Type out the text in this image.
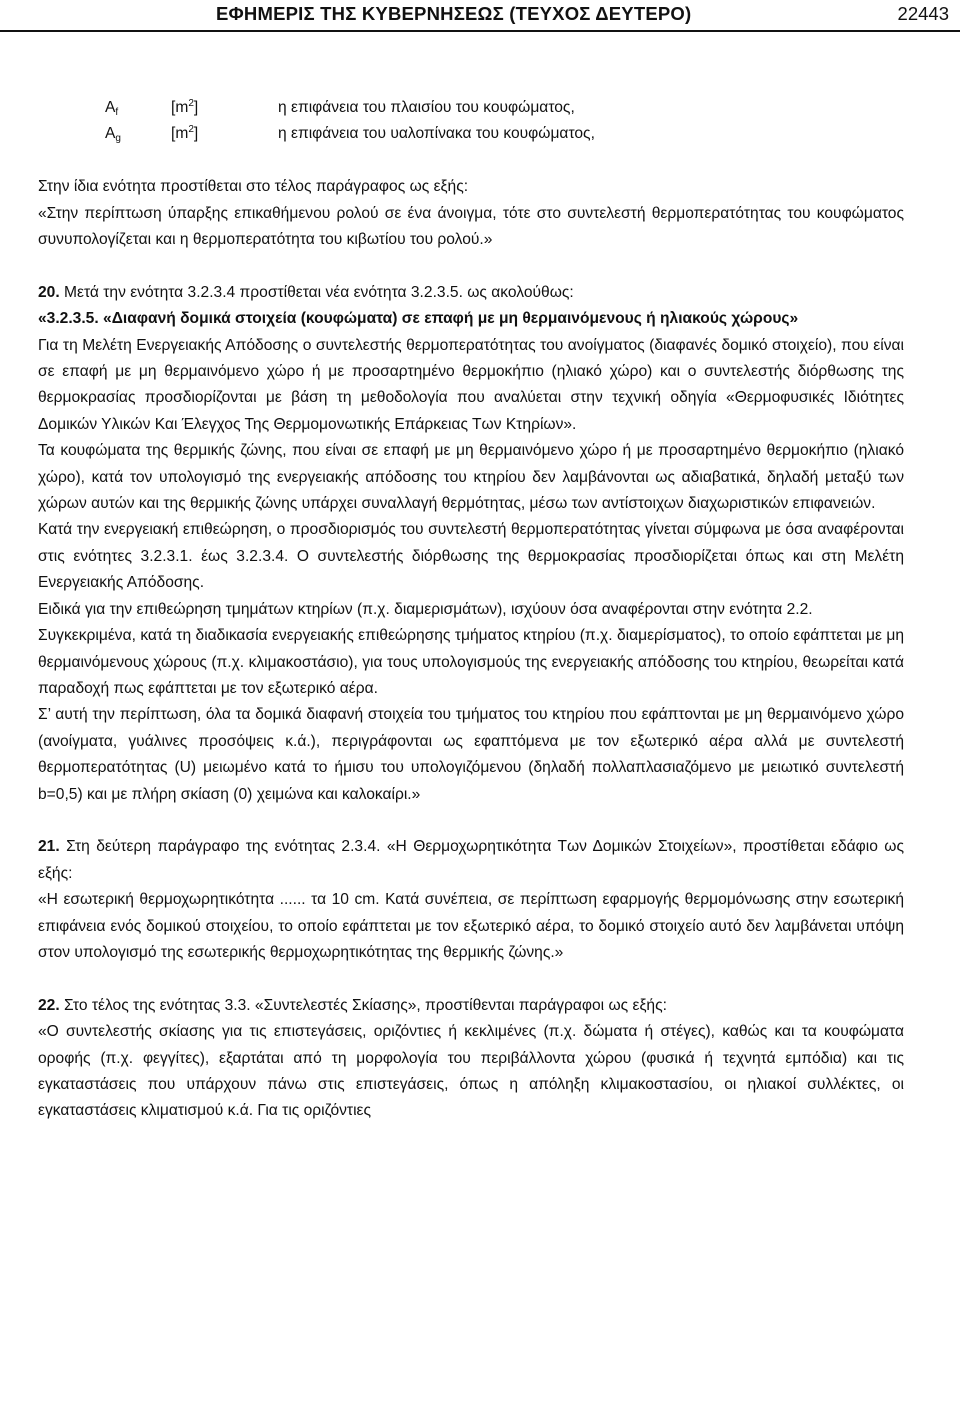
ΕΦΗΜΕΡΙΣ ΤΗΣ ΚΥΒΕΡΝΗΣΕΩΣ (ΤΕΥΧΟΣ ΔΕΥΤΕΡΟ)	22443
$A_f$	$[m^2]$	η επιφάνεια του πλαισίου του κουφώματος,
$A_g$	$[m^2]$	η επιφάνεια του υαλοπίνακα του κουφώματος,
Στην ίδια ενότητα προστίθεται στο τέλος παράγραφος ως εξής:
«Στην περίπτωση ύπαρξης επικαθήμενου ρολού σε ένα άνοιγμα, τότε στο συντελεστή θερμοπερατότητας του κουφώματος συνυπολογίζεται και η θερμοπερατότητα του κιβωτίου του ρολού.»
20. Μετά την ενότητα 3.2.3.4 προστίθεται νέα ενότητα 3.2.3.5. ως ακολούθως:
«3.2.3.5. «Διαφανή δομικά στοιχεία (κουφώματα) σε επαφή με μη θερμαινόμενους ή ηλιακούς χώρους»
Για τη Μελέτη Ενεργειακής Απόδοσης ο συντελεστής θερμοπερατότητας του ανοίγματος (διαφανές δομικό στοιχείο), που είναι σε επαφή με μη θερμαινόμενο χώρο ή με προσαρτημένο θερμοκήπιο (ηλιακό χώρο) και ο συντελεστής διόρθωσης της θερμοκρασίας προσδιορίζονται με βάση τη μεθοδολογία που αναλύεται στην τεχνική οδηγία «Θερμοφυσικές Ιδιότητες Δομικών Υλικών Και Έλεγχος Της Θερμομονωτικής Επάρκειας Των Κτηρίων».
Τα κουφώματα της θερμικής ζώνης, που είναι σε επαφή με μη θερμαινόμενο χώρο ή με προσαρτημένο θερμοκήπιο (ηλιακό χώρο), κατά τον υπολογισμό της ενεργειακής απόδοσης του κτηρίου δεν λαμβάνονται ως αδιαβατικά, δηλαδή μεταξύ των χώρων αυτών και της θερμικής ζώνης υπάρχει συναλλαγή θερμότητας, μέσω των αντίστοιχων διαχωριστικών επιφανειών.
Κατά την ενεργειακή επιθεώρηση, ο προσδιορισμός του συντελεστή θερμοπερατότητας γίνεται σύμφωνα με όσα αναφέρονται στις ενότητες 3.2.3.1. έως 3.2.3.4. Ο συντελεστής διόρθωσης της θερμοκρασίας προσδιορίζεται όπως και στη Μελέτη Ενεργειακής Απόδοσης.
Ειδικά για την επιθεώρηση τμημάτων κτηρίων (π.χ. διαμερισμάτων), ισχύουν όσα αναφέρονται στην ενότητα 2.2.
Συγκεκριμένα, κατά τη διαδικασία ενεργειακής επιθεώρησης τμήματος κτηρίου (π.χ. διαμερίσματος), το οποίο εφάπτεται με μη θερμαινόμενους χώρους (π.χ. κλιμακοστάσιο), για τους υπολογισμούς της ενεργειακής απόδοσης του κτηρίου, θεωρείται κατά παραδοχή πως εφάπτεται με τον εξωτερικό αέρα.
Σ’ αυτή την περίπτωση, όλα τα δομικά διαφανή στοιχεία του τμήματος του κτηρίου που εφάπτονται με μη θερμαινόμενο χώρο (ανοίγματα, γυάλινες προσόψεις κ.ά.), περιγράφονται ως εφαπτόμενα με τον εξωτερικό αέρα αλλά με συντελεστή θερμοπερατότητας (U) μειωμένο κατά το ήμισυ του υπολογιζόμενου (δηλαδή πολλαπλασιαζόμενο με μειωτικό συντελεστή b=0,5) και με πλήρη σκίαση (0) χειμώνα και καλοκαίρι.»
21. Στη δεύτερη παράγραφο της ενότητας 2.3.4. «Η Θερμοχωρητικότητα Των Δομικών Στοιχείων», προστίθεται εδάφιο ως εξής:
«Η εσωτερική θερμοχωρητικότητα ...... τα 10 cm. Κατά συνέπεια, σε περίπτωση εφαρμογής θερμομόνωσης στην εσωτερική επιφάνεια ενός δομικού στοιχείου, το οποίο εφάπτεται με τον εξωτερικό αέρα, το δομικό στοιχείο αυτό δεν λαμβάνεται υπόψη στον υπολογισμό της εσωτερικής θερμοχωρητικότητας της θερμικής ζώνης.»
22. Στο τέλος της ενότητας 3.3. «Συντελεστές Σκίασης», προστίθενται παράγραφοι ως εξής:
«Ο συντελεστής σκίασης για τις επιστεγάσεις, οριζόντιες ή κεκλιμένες (π.χ. δώματα ή στέγες), καθώς και τα κουφώματα οροφής (π.χ. φεγγίτες), εξαρτάται από τη μορφολογία του περιβάλλοντα χώρου (φυσικά ή τεχνητά εμπόδια) και τις εγκαταστάσεις που υπάρχουν πάνω στις επιστεγάσεις, όπως η απόληξη κλιμακοστασίου, οι ηλιακοί συλλέκτες, οι εγκαταστάσεις κλιματισμού κ.ά. Για τις οριζόντιες
